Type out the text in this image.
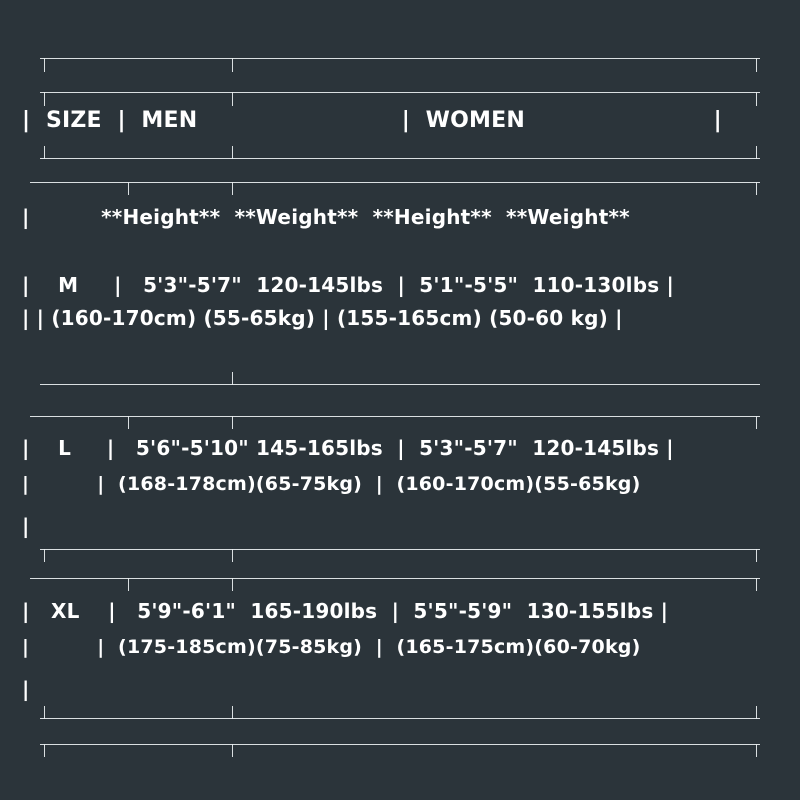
|  SIZE  |  MEN                          |  WOMEN                        |
|          **Height**  **Weight**  **Height**  **Weight**
|    M     |   5'3"-5'7"  120-145lbs  |  5'1"-5'5"  110-130lbs |
| | (160-170cm) (55-65kg) | (155-165cm) (50-60 kg) |
|    L     |   5'6"-5'10" 145-165lbs  |  5'3"-5'7"  120-145lbs |
|          |  (168-178cm)(65-75kg)  |  (160-170cm)(55-65kg)
|
|   XL    |   5'9"-6'1"  165-190lbs  |  5'5"-5'9"  130-155lbs |
|          |  (175-185cm)(75-85kg)  |  (165-175cm)(60-70kg)
|
